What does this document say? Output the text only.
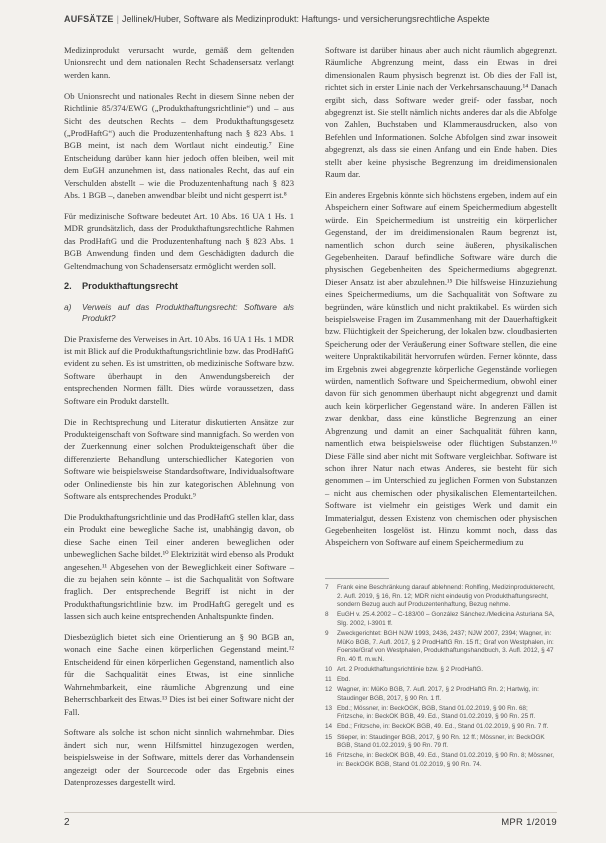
AUFSÄTZE | Jellinek/Huber, Software als Medizinprodukt: Haftungs- und versicherungsrechtliche Aspekte

Medizinprodukt verursacht wurde, gemäß dem geltenden Unionsrecht und dem nationalen Recht Schadensersatz verlangt werden kann.

Ob Unionsrecht und nationales Recht in diesem Sinne neben der Richtlinie 85/374/EWG („Produkthaftungsrichtlinie“) und – aus Sicht des deutschen Rechts – dem Produkthaftungsgesetz („ProdHaftG“) auch die Produzentenhaftung nach § 823 Abs. 1 BGB meint, ist nach dem Wortlaut nicht eindeutig.⁷ Eine Entscheidung darüber kann hier jedoch offen bleiben, weil mit dem EuGH anzunehmen ist, dass nationales Recht, das auf ein Verschulden abstellt – wie die Produzentenhaftung nach § 823 Abs. 1 BGB –, daneben anwendbar bleibt und nicht gesperrt ist.⁸

Für medizinische Software bedeutet Art. 10 Abs. 16 UA 1 Hs. 1 MDR grundsätzlich, dass der Produkthaftungsrechtliche Rahmen das ProdHaftG und die Produzentenhaftung nach § 823 Abs. 1 BGB Anwendung finden und dem Geschädigten dadurch die Geltendmachung von Schadensersatz ermöglicht werden soll.

2. Produkthaftungsrecht
a) Verweis auf das Produkthaftungsrecht: Software als Produkt?

Die Praxisferne des Verweises in Art. 10 Abs. 16 UA 1 Hs. 1 MDR ist mit Blick auf die Produkthaftungsrichtlinie bzw. das ProdHaftG evident zu sehen. Es ist umstritten, ob medizinische Software bzw. Software überhaupt in den Anwendungsbereich der entsprechenden Normen fällt. Dies würde voraussetzen, dass Software ein Produkt darstellt.

Die in Rechtsprechung und Literatur diskutierten Ansätze zur Produkteigenschaft von Software sind mannigfach. So werden von der Zuerkennung einer solchen Produkteigenschaft über die differenzierte Behandlung unterschiedlicher Kategorien von Software wie beispielsweise Standardsoftware, Individualsoftware oder Onlinedienste bis hin zur kategorischen Ablehnung von Software als entsprechendes Produkt.⁹

Die Produkthaftungsrichtlinie und das ProdHaftG stellen klar, dass ein Produkt eine bewegliche Sache ist, unabhängig davon, ob diese Sache einen Teil einer anderen beweglichen oder unbeweglichen Sache bildet.¹⁰ Elektrizität wird ebenso als Produkt angesehen.¹¹ Abgesehen von der Beweglichkeit einer Software – die zu bejahen sein könnte – ist die Sachqualität von Software fraglich. Der entsprechende Begriff ist nicht in der Produkthaftungsrichtlinie bzw. im ProdHaftG geregelt und es lassen sich auch keine entsprechenden Anhaltspunkte finden.

Diesbezüglich bietet sich eine Orientierung an § 90 BGB an, wonach eine Sache einen körperlichen Gegenstand meint.¹² Entscheidend für einen körperlichen Gegenstand, namentlich also für die Sachqualität eines Etwas, ist eine sinnliche Wahrnehmbarkeit, eine räumliche Abgrenzung und eine Beherrschbarkeit des Etwas.¹³ Dies ist bei einer Software nicht der Fall.

Software als solche ist schon nicht sinnlich wahrnehmbar. Dies ändert sich nur, wenn Hilfsmittel hinzugezogen werden, beispielsweise in der Software, mittels derer das Vorhandensein angezeigt oder der Sourcecode oder das Ergebnis eines Datenprozesses dargestellt wird.

Software ist darüber hinaus aber auch nicht räumlich abgegrenzt. Räumliche Abgrenzung meint, dass ein Etwas in drei dimensionalen Raum physisch begrenzt ist. Ob dies der Fall ist, richtet sich in erster Linie nach der Verkehrsanschauung.¹⁴ Danach ergibt sich, dass Software weder greif- oder fassbar, noch abgegrenzt ist. Sie stellt nämlich nichts anderes dar als die Abfolge von Zahlen, Buchstaben und Klammerausdrucken, also von Befehlen und Informationen. Solche Abfolgen sind zwar insoweit abgegrenzt, als dass sie einen Anfang und ein Ende haben. Dies stellt aber keine physische Begrenzung im dreidimensionalen Raum dar.

Ein anderes Ergebnis könnte sich höchstens ergeben, indem auf ein Abspeichern einer Software auf einem Speichermedium abgestellt würde. Ein Speichermedium ist unstreitig ein körperlicher Gegenstand, der im dreidimensionalen Raum begrenzt ist, namentlich schon durch seine äußeren, physikalischen Gegebenheiten. Darauf befindliche Software wäre durch die physischen Gegebenheiten des Speichermediums abgegrenzt. Dieser Ansatz ist aber abzulehnen.¹⁵ Die hilfsweise Hinzuziehung eines Speichermediums, um die Sachqualität von Software zu begründen, wäre künstlich und nicht praktikabel. Es würden sich beispielsweise Fragen im Zusammenhang mit der Dauerhaftigkeit bzw. Flüchtigkeit der Speicherung, der lokalen bzw. cloudbasierten Speicherung oder der Veräußerung einer Software stellen, die eine weitere Unpraktikabilität hervorrufen würden. Ferner könnte, dass im Ergebnis zwei abgegrenzte körperliche Gegenstände vorliegen würden, namentlich Software und Speichermedium, obwohl einer davon für sich genommen überhaupt nicht abgegrenzt und damit auch kein körperlicher Gegenstand wäre. In anderen Fällen ist zwar denkbar, dass eine künstliche Begrenzung an einer Abgrenzung und damit an einer Sachqualität führen kann, namentlich etwa beispielsweise oder flüchtigen Substanzen.¹⁶ Diese Fälle sind aber nicht mit Software vergleichbar. Software ist schon ihrer Natur nach etwas Anderes, sie besteht für sich genommen – im Unterschied zu jeglichen Formen von Substanzen – nicht aus chemischen oder physikalischen Elementarteilchen. Software ist vielmehr ein geistiges Werk und damit ein Immaterialgut, dessen Existenz von chemischen oder physischen Gegebenheiten losgelöst ist. Hinzu kommt noch, dass das Abspeichern von Software auf einem Speichermedium zu

7 Frank eine Beschränkung darauf ablehnend: Rohlfing, Medizinprodukterecht, 2. Aufl. 2019, § 16, Rn. 12; MDR nicht eindeutig von Produkthaftungsrecht, sondern Bezug auch auf Produzentenhaftung, Bezug nehme.
8 EuGH v. 25.4.2002 – C-183/00 – González Sánchez./Medicina Asturiana SA, Slg. 2002, I-3901 ff.
9 Zweckgerichtet: BGH NJW 1993, 2436, 2437; NJW 2007, 2394; Wagner, in: MüKo BGB, 7. Aufl. 2017, § 2 ProdHaftG Rn. 15 ff.; Graf von Westphalen, in: Foerste/Graf von Westphalen, Produkthaftungshandbuch, 3. Aufl. 2012, § 47 Rn. 40 ff. m.w.N.
10 Art. 2 Produkthaftungsrichtlinie bzw. § 2 ProdHaftG.
11 Ebd.
12 Wagner, in: MüKo BGB, 7. Aufl. 2017, § 2 ProdHaftG Rn. 2; Hartwig, in: Staudinger BGB, 2017, § 90 Rn. 1 ff.
13 Ebd.; Mössner, in: BeckOGK, BGB, Stand 01.02.2019, § 90 Rn. 68; Fritzsche, in: BeckOK BGB, 49. Ed., Stand 01.02.2019, § 90 Rn. 25 ff.
14 Ebd.; Fritzsche, in: BeckOK BGB, 49. Ed., Stand 01.02.2019, § 90 Rn. 7 ff.
15 Stieper, in: Staudinger BGB, 2017, § 90 Rn. 12 ff.; Mössner, in: BeckOGK BGB, Stand 01.02.2019, § 90 Rn. 79 ff.
16 Fritzsche, in: BeckOK BGB, 49. Ed., Stand 01.02.2019, § 90 Rn. 8; Mössner, in: BeckOGK BGB, Stand 01.02.2019, § 90 Rn. 74.
2	MPR 1/2019
